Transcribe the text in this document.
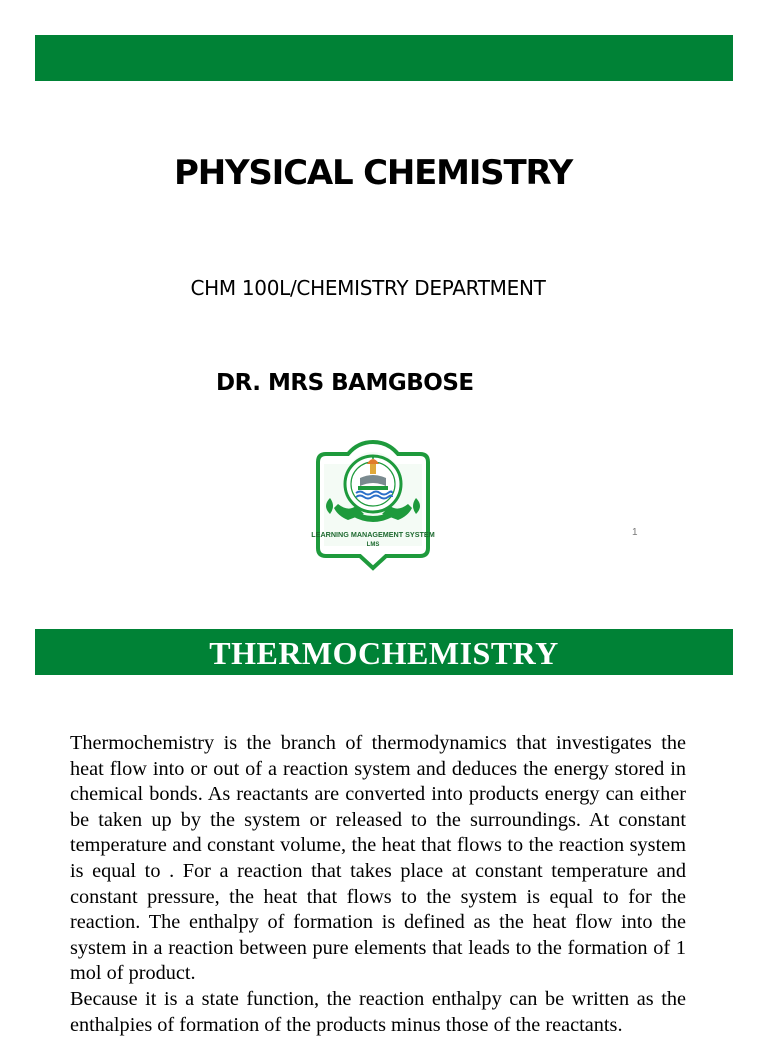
PHYSICAL CHEMISTRY
CHM 100L/CHEMISTRY DEPARTMENT
DR. MRS BAMGBOSE
LEARNING MANAGEMENT SYSTEM
LMS
1
THERMOCHEMISTRY

Thermochemistry is the branch of thermodynamics that investigates the heat flow into or out of a reaction system and deduces the energy stored in chemical bonds. As reactants are converted into products energy can either be taken up by the system or released to the surroundings. At constant temperature and constant volume, the heat that flows to the reaction system is equal to . For a reaction that takes place at constant temperature and constant pressure, the heat that flows to the system is equal to for the reaction. The enthalpy of formation is defined as the heat flow into the system in a reaction between pure elements that leads to the formation of 1 mol of product.

Because it is a state function, the reaction enthalpy can be written as the enthalpies of formation of the products minus those of the reactants.
